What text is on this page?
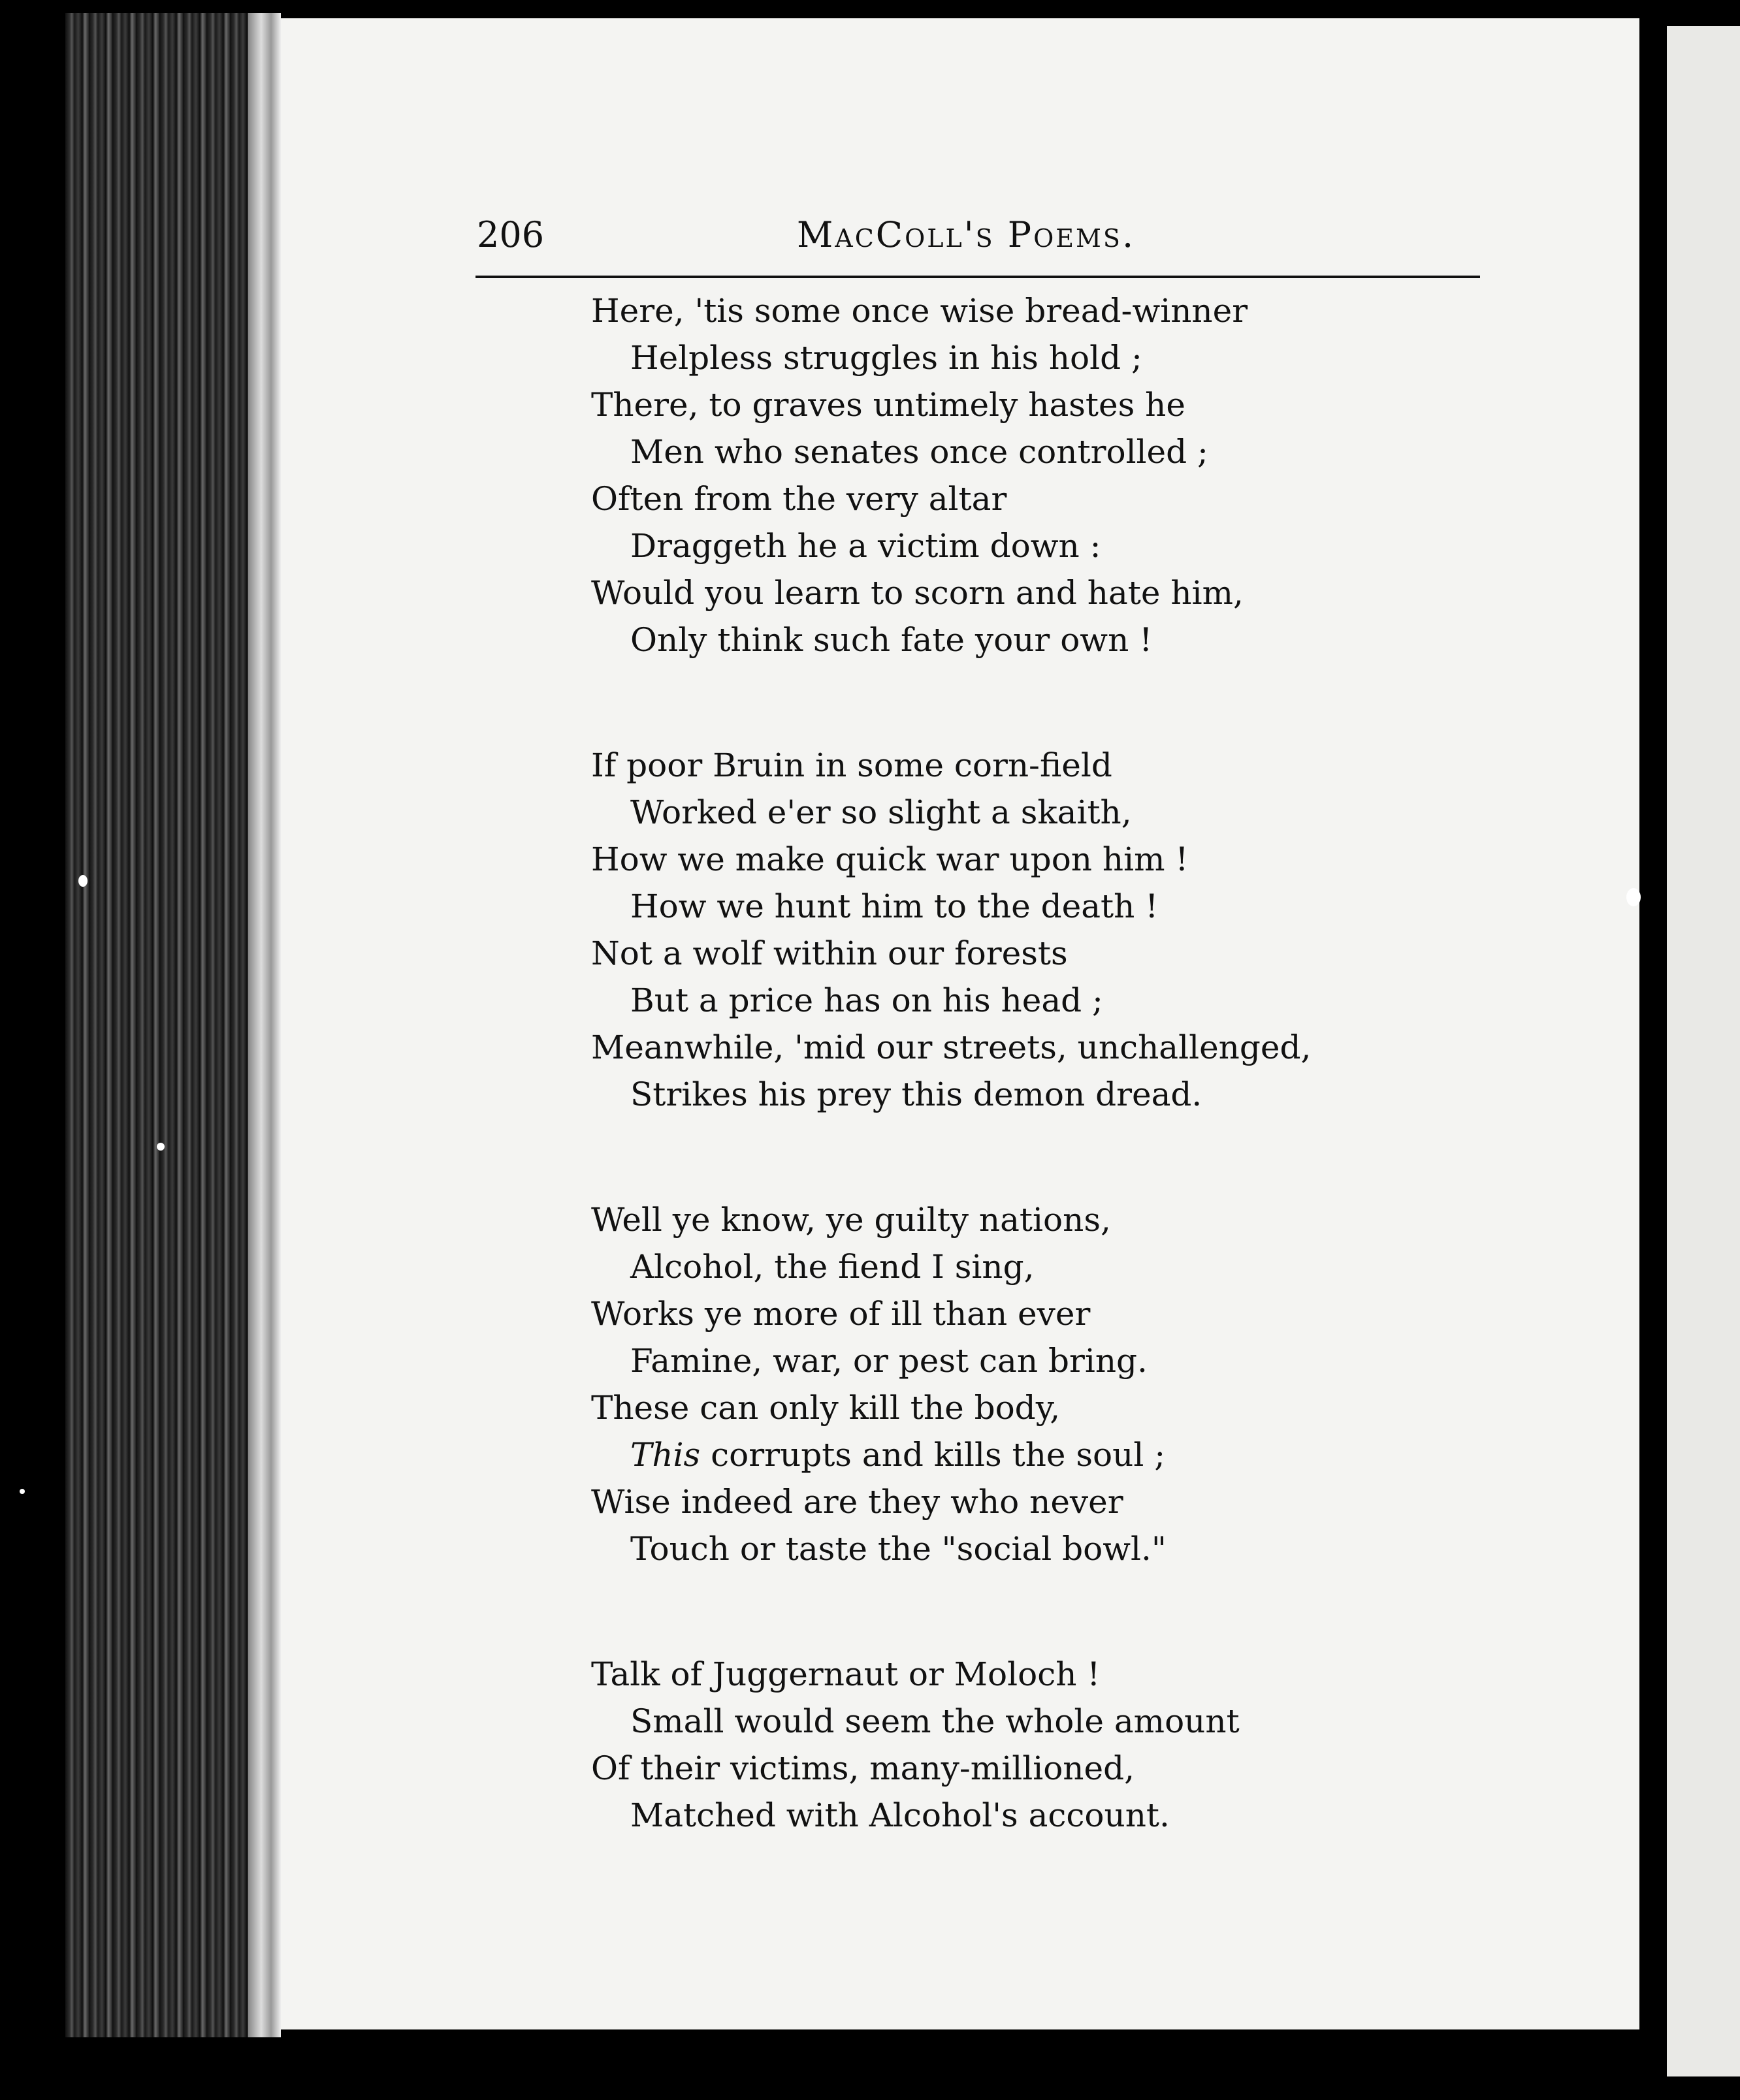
206	MacColl's Poems.
Here, 'tis some once wise bread-winner
Helpless struggles in his hold ;
There, to graves untimely hastes he
Men who senates once controlled ;
Often from the very altar
Draggeth he a victim down :
Would you learn to scorn and hate him,
Only think such fate your own !
If poor Bruin in some corn-field
Worked e'er so slight a skaith,
How we make quick war upon him !
How we hunt him to the death !
Not a wolf within our forests
But a price has on his head ;
Meanwhile, 'mid our streets, unchallenged,
Strikes his prey this demon dread.
Well ye know, ye guilty nations,
Alcohol, the fiend I sing,
Works ye more of ill than ever
Famine, war, or pest can bring.
These can only kill the body,
This corrupts and kills the soul ;
Wise indeed are they who never
Touch or taste the "social bowl."
Talk of Juggernaut or Moloch !
Small would seem the whole amount
Of their victims, many-millioned,
Matched with Alcohol's account.
